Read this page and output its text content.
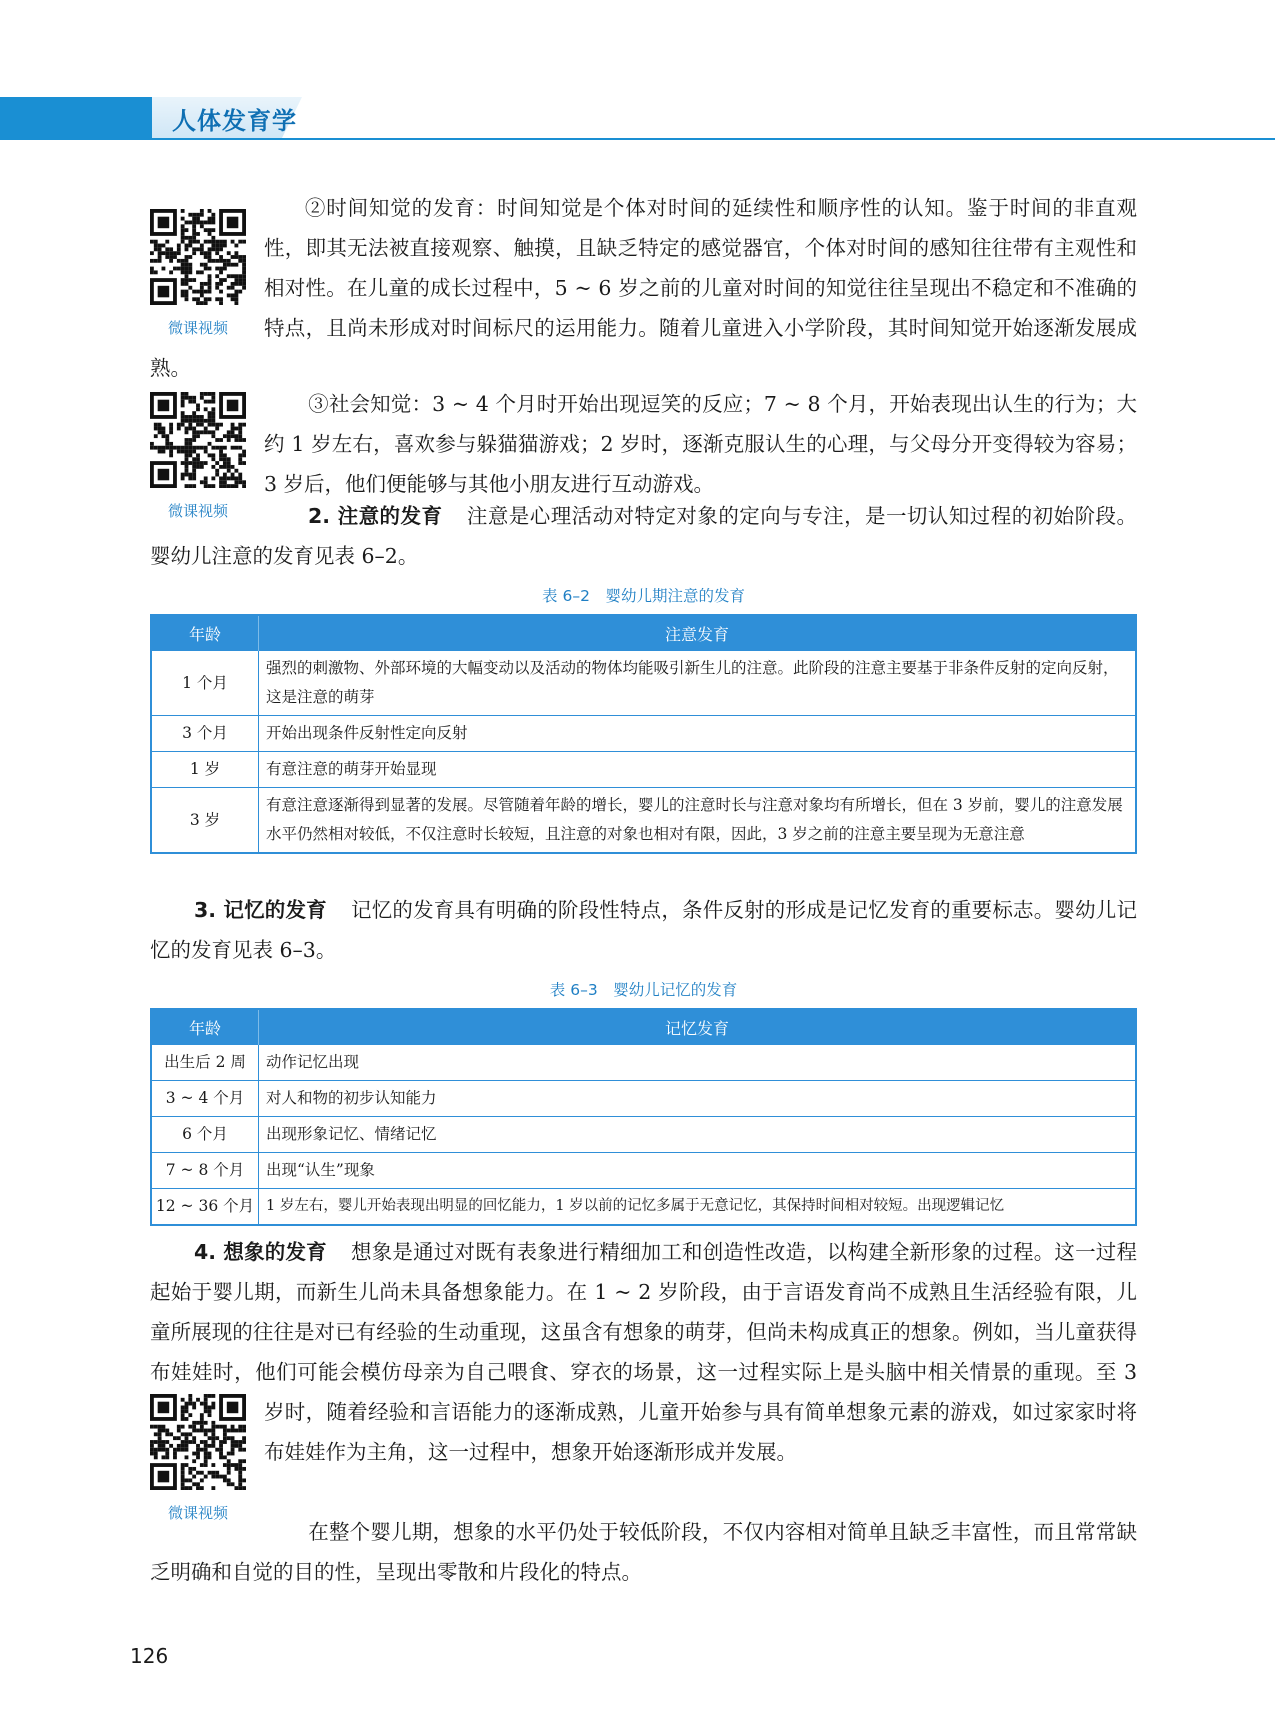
人体发育学
微课视频
微课视频
微课视频

②时间知觉的发育：时间知觉是个体对时间的延续性和顺序性的认知。鉴于时间的非直观性，即其无法被直接观察、触摸，且缺乏特定的感觉器官，个体对时间的感知往往带有主观性和相对性。在儿童的成长过程中，5 ~ 6 岁之前的儿童对时间的知觉往往呈现出不稳定和不准确的特点，且尚未形成对时间标尺的运用能力。随着儿童进入小学阶段，其时间知觉开始逐渐发展成熟。

③社会知觉：3 ~ 4 个月时开始出现逗笑的反应；7 ~ 8 个月，开始表现出认生的行为；大约 1 岁左右，喜欢参与躲猫猫游戏；2 岁时，逐渐克服认生的心理，与父母分开变得较为容易；3 岁后，他们便能够与其他小朋友进行互动游戏。

2. 注意的发育 注意是心理活动对特定对象的定向与专注，是一切认知过程的初始阶段。婴幼儿注意的发育见表 6–2。

表 6–2　婴幼儿期注意的发育
年龄	注意发育
1 个月	强烈的刺激物、外部环境的大幅变动以及活动的物体均能吸引新生儿的注意。此阶段的注意主要基于非条件反射的定向反射，这是注意的萌芽
3 个月	开始出现条件反射性定向反射
1 岁	有意注意的萌芽开始显现
3 岁	有意注意逐渐得到显著的发展。尽管随着年龄的增长，婴儿的注意时长与注意对象均有所增长，但在 3 岁前，婴儿的注意发展水平仍然相对较低，不仅注意时长较短，且注意的对象也相对有限，因此，3 岁之前的注意主要呈现为无意注意

3. 记忆的发育 记忆的发育具有明确的阶段性特点，条件反射的形成是记忆发育的重要标志。婴幼儿记忆的发育见表 6–3。

表 6–3　婴幼儿记忆的发育
年龄	记忆发育
出生后 2 周	动作记忆出现
3 ~ 4 个月	对人和物的初步认知能力
6 个月	出现形象记忆、情绪记忆
7 ~ 8 个月	出现“认生”现象
12 ~ 36 个月	1 岁左右，婴儿开始表现出明显的回忆能力，1 岁以前的记忆多属于无意记忆，其保持时间相对较短。出现逻辑记忆

4. 想象的发育 想象是通过对既有表象进行精细加工和创造性改造，以构建全新形象的过程。这一过程起始于婴儿期，而新生儿尚未具备想象能力。在 1 ~ 2 岁阶段，由于言语发育尚不成熟且生活经验有限，儿童所展现的往往是对已有经验的生动重现，这虽含有想象的萌芽，但尚未构成真正的想象。例如，当儿童获得布娃娃时，他们可能会模仿母亲为自己喂食、穿衣的场景，这一过程实际上是头脑中相关情景的重现。至 3 岁时，随着经验和言语能力的逐渐成熟，儿童开始参与具有简单想象元素的游戏，如过家家时将布娃娃作为主角，这一过程中，想象开始逐渐形成并发展。

在整个婴儿期，想象的水平仍处于较低阶段，不仅内容相对简单且缺乏丰富性，而且常常缺乏明确和自觉的目的性，呈现出零散和片段化的特点。

126
